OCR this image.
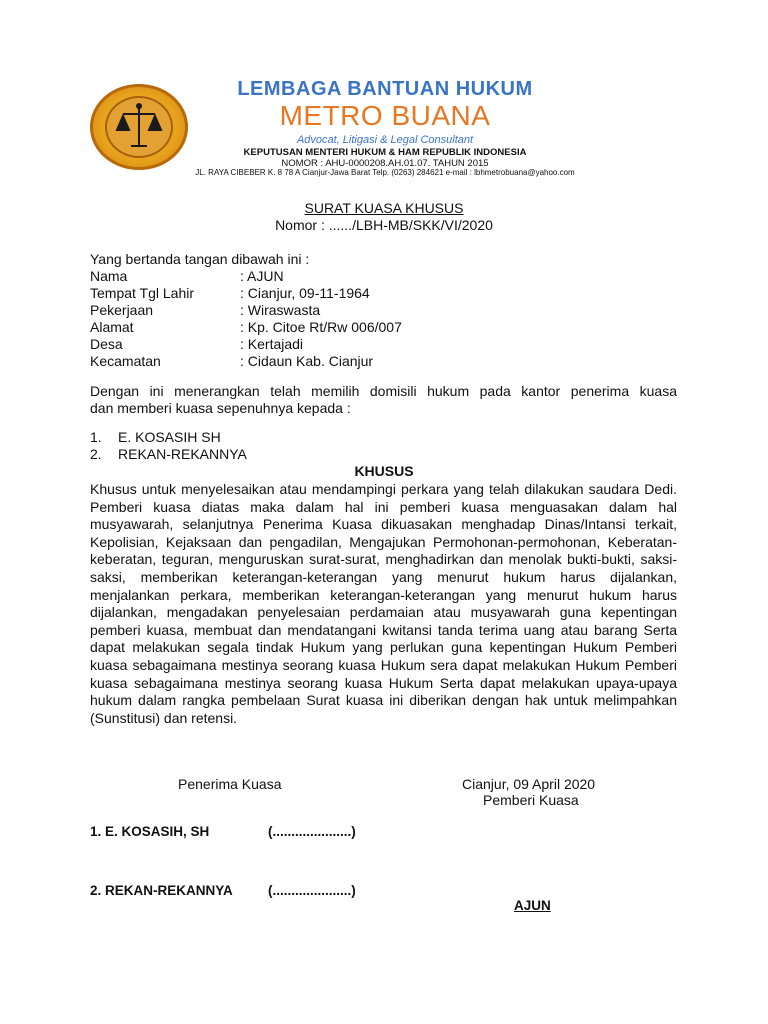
LEMBAGA BANTUAN HUKUM
METRO BUANA
Advocat, Litigasi & Legal Consultant
KEPUTUSAN MENTERI HUKUM & HAM REPUBLIK INDONESIA
NOMOR : AHU-0000208.AH.01.07. TAHUN 2015
JL. RAYA CIBEBER K. 8 78 A Cianjur-Jawa Barat Telp. (0263) 284621 e-mail : lbhmetrobuana@yahoo.com
SURAT KUASA KHUSUS
Nomor : ....../LBH-MB/SKK/VI/2020
Yang bertanda tangan dibawah ini :
Nama	: AJUN
Tempat Tgl Lahir	: Cianjur, 09-11-1964
Pekerjaan	: Wiraswasta
Alamat	: Kp. Citoe Rt/Rw 006/007
Desa	: Kertajadi
Kecamatan	: Cidaun Kab. Cianjur
Dengan ini menerangkan telah memilih domisili hukum pada kantor penerima kuasa
dan memberi kuasa sepenuhnya kepada :
1. E. KOSASIH SH
2. REKAN-REKANNYA
KHUSUS
Khusus untuk menyelesaikan atau mendampingi perkara yang telah dilakukan saudara Dedi. Pemberi kuasa diatas maka dalam hal ini pemberi kuasa menguasakan dalam hal musyawarah, selanjutnya Penerima Kuasa dikuasakan menghadap Dinas/Intansi terkait, Kepolisian, Kejaksaan dan pengadilan, Mengajukan Permohonan-permohonan, Keberatan-keberatan, teguran, menguruskan surat-surat, menghadirkan dan menolak bukti-bukti, saksi-saksi, memberikan keterangan-keterangan yang menurut hukum harus dijalankan, menjalankan perkara, memberikan keterangan-keterangan yang menurut hukum harus dijalankan, mengadakan penyelesaian perdamaian atau musyawarah guna kepentingan pemberi kuasa, membuat dan mendatangani kwitansi tanda terima uang atau barang Serta dapat melakukan segala tindak Hukum yang perlukan guna kepentingan Hukum Pemberi kuasa sebagaimana mestinya seorang kuasa Hukum sera dapat melakukan Hukum Pemberi kuasa sebagaimana mestinya seorang kuasa Hukum Serta dapat melakukan upaya-upaya hukum dalam rangka pembelaan Surat kuasa ini diberikan dengan hak untuk melimpahkan (Sunstitusi) dan retensi.
Penerima Kuasa	Cianjur, 09 April 2020
Pemberi Kuasa
1. E. KOSASIH, SH	(.....................)
2. REKAN-REKANNYA	(.....................)
AJUN
